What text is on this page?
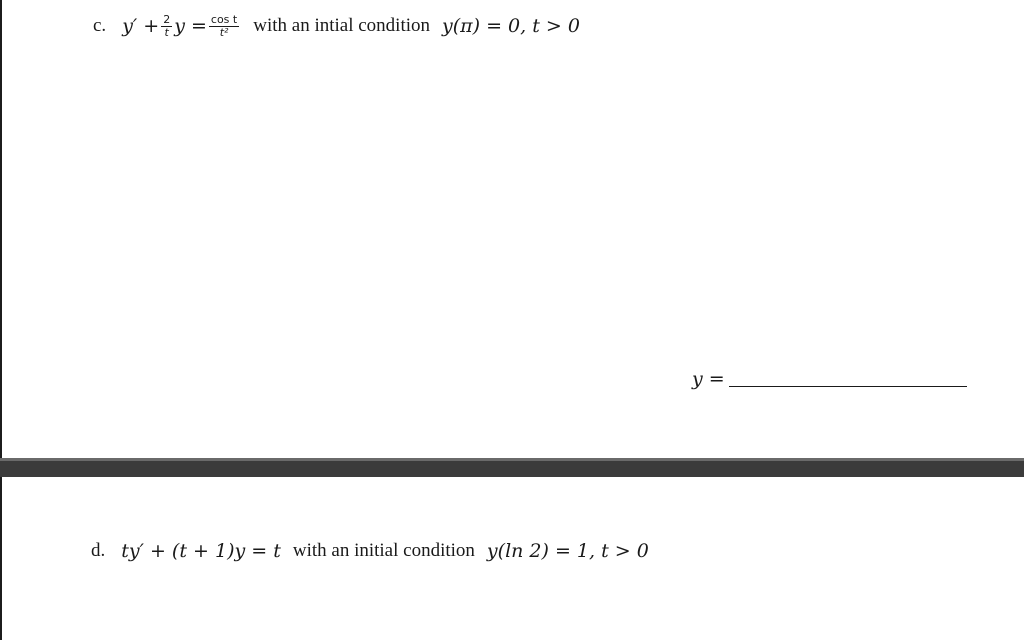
c. $y' + \frac{2}{t}$ $y = \frac{\text{cos t}}{\text{t²}}$ with an intial condition y(π) = 0, t > 0
y =
d. ty′ + (t + 1)y = t with an initial condition y(ln 2) = 1, t > 0
